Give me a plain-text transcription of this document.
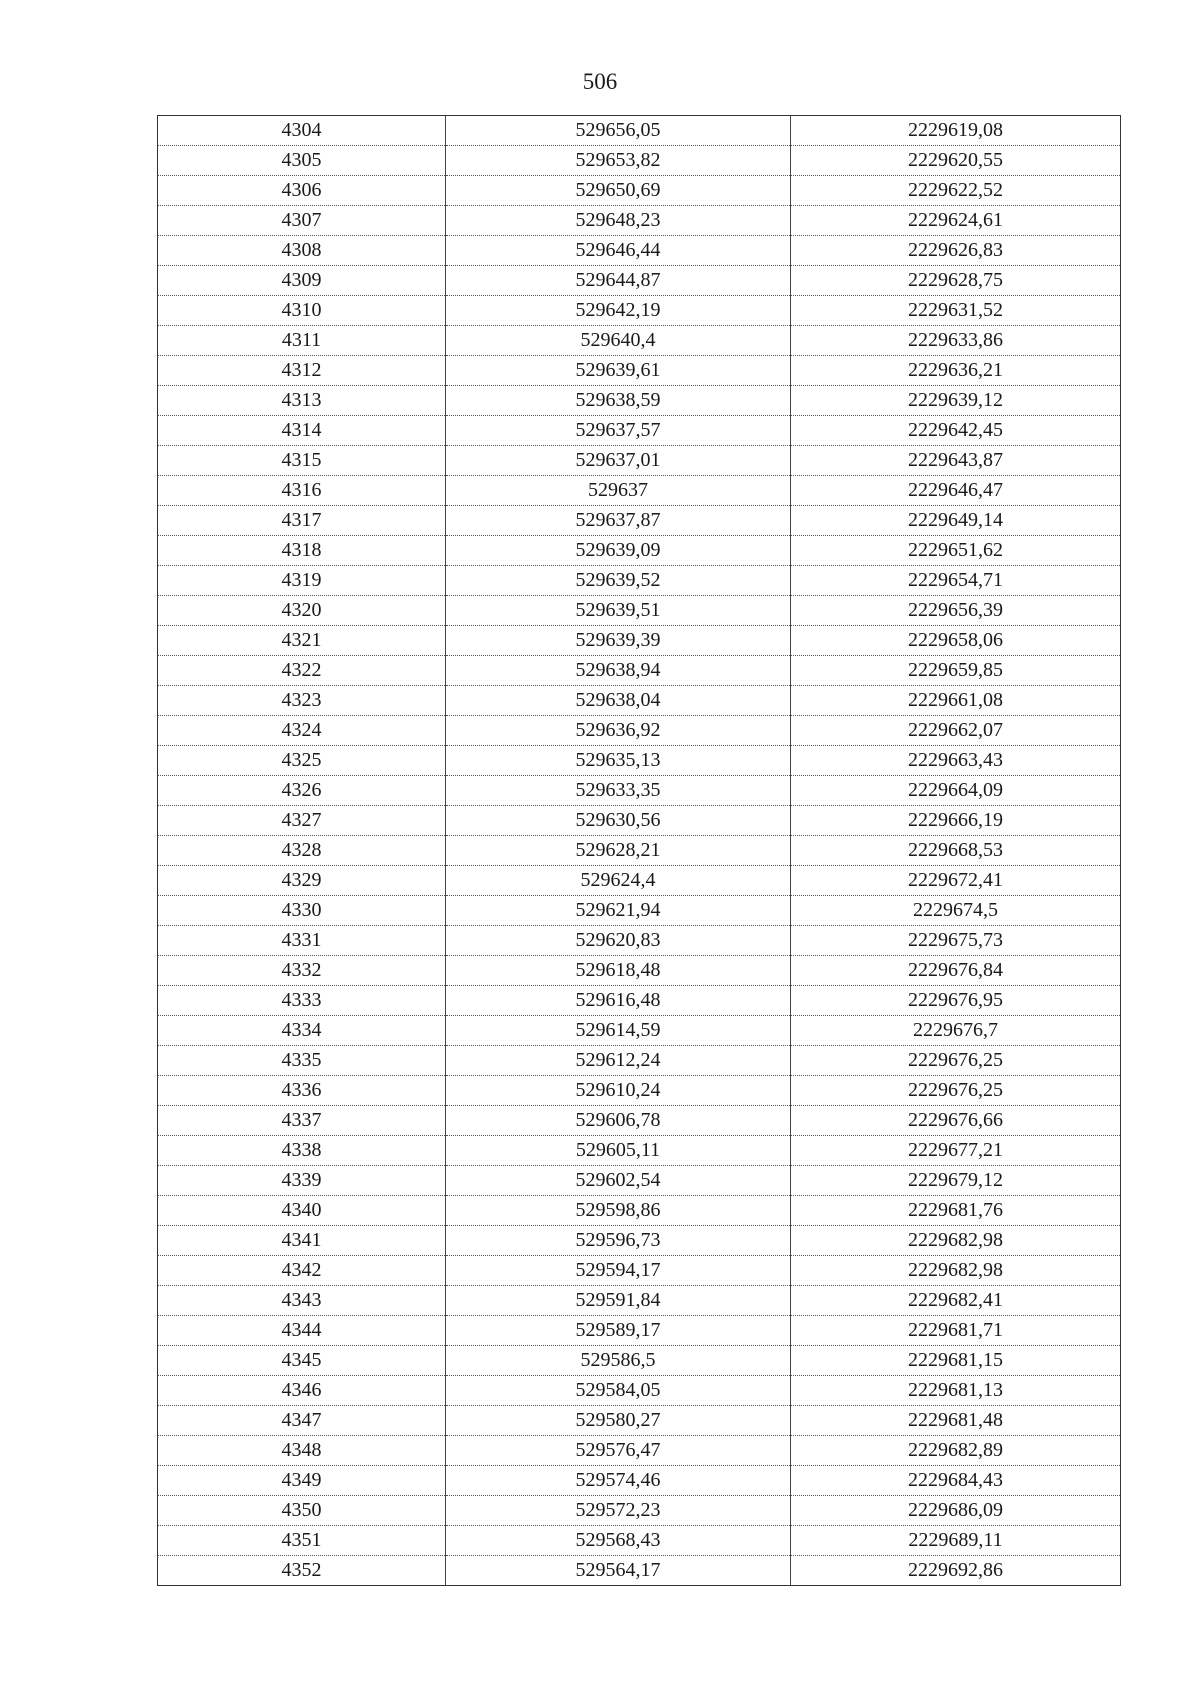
506
4304	529656,05	2229619,08
4305	529653,82	2229620,55
4306	529650,69	2229622,52
4307	529648,23	2229624,61
4308	529646,44	2229626,83
4309	529644,87	2229628,75
4310	529642,19	2229631,52
4311	529640,4	2229633,86
4312	529639,61	2229636,21
4313	529638,59	2229639,12
4314	529637,57	2229642,45
4315	529637,01	2229643,87
4316	529637	2229646,47
4317	529637,87	2229649,14
4318	529639,09	2229651,62
4319	529639,52	2229654,71
4320	529639,51	2229656,39
4321	529639,39	2229658,06
4322	529638,94	2229659,85
4323	529638,04	2229661,08
4324	529636,92	2229662,07
4325	529635,13	2229663,43
4326	529633,35	2229664,09
4327	529630,56	2229666,19
4328	529628,21	2229668,53
4329	529624,4	2229672,41
4330	529621,94	2229674,5
4331	529620,83	2229675,73
4332	529618,48	2229676,84
4333	529616,48	2229676,95
4334	529614,59	2229676,7
4335	529612,24	2229676,25
4336	529610,24	2229676,25
4337	529606,78	2229676,66
4338	529605,11	2229677,21
4339	529602,54	2229679,12
4340	529598,86	2229681,76
4341	529596,73	2229682,98
4342	529594,17	2229682,98
4343	529591,84	2229682,41
4344	529589,17	2229681,71
4345	529586,5	2229681,15
4346	529584,05	2229681,13
4347	529580,27	2229681,48
4348	529576,47	2229682,89
4349	529574,46	2229684,43
4350	529572,23	2229686,09
4351	529568,43	2229689,11
4352	529564,17	2229692,86
